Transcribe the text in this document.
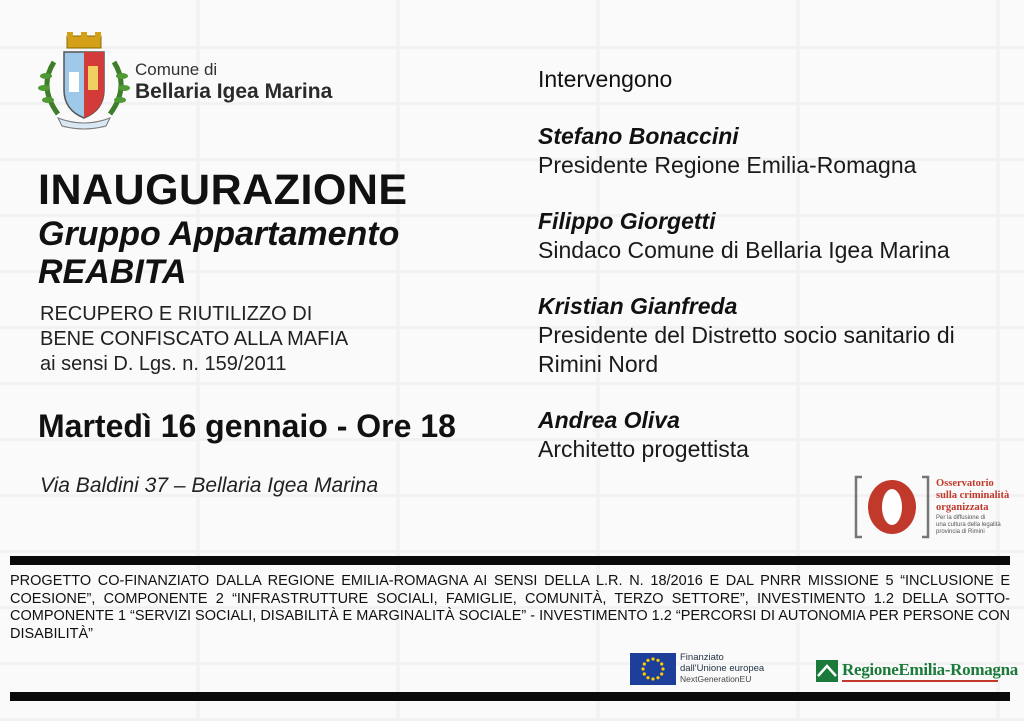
Comune di
Bellaria Igea Marina
INAUGURAZIONE
Gruppo Appartamento
REABITA
RECUPERO E RIUTILIZZO DI
BENE CONFISCATO ALLA MAFIA
ai sensi D. Lgs. n. 159/2011
Martedì 16 gennaio - Ore 18
Via Baldini 37 – Bellaria Igea Marina
Intervengono
Stefano Bonaccini
Presidente Regione Emilia-Romagna
Filippo Giorgetti
Sindaco Comune di Bellaria Igea Marina
Kristian Gianfreda
Presidente del Distretto socio sanitario di Rimini Nord
Andrea Oliva
Architetto progettista
Osservatorio
sulla criminalità
organizzata
Per la diffusione di
una cultura della legalità
provincia di Rimini
PROGETTO CO-FINANZIATO DALLA REGIONE EMILIA-ROMAGNA AI SENSI DELLA L.R. N. 18/2016 E DAL PNRR MISSIONE 5 “INCLUSIONE E COESIONE”, COMPONENTE 2 “INFRASTRUTTURE SOCIALI, FAMIGLIE, COMUNITÀ, TERZO SETTORE”, INVESTIMENTO 1.2 DELLA SOTTO-COMPONENTE 1 “SERVIZI SOCIALI, DISABILITÀ E MARGINALITÀ SOCIALE” - INVESTIMENTO 1.2 “PERCORSI DI AUTONOMIA PER PERSONE CON DISABILITÀ”
Finanziato
dall'Unione europea
NextGenerationEU	RegioneEmilia-Romagna
